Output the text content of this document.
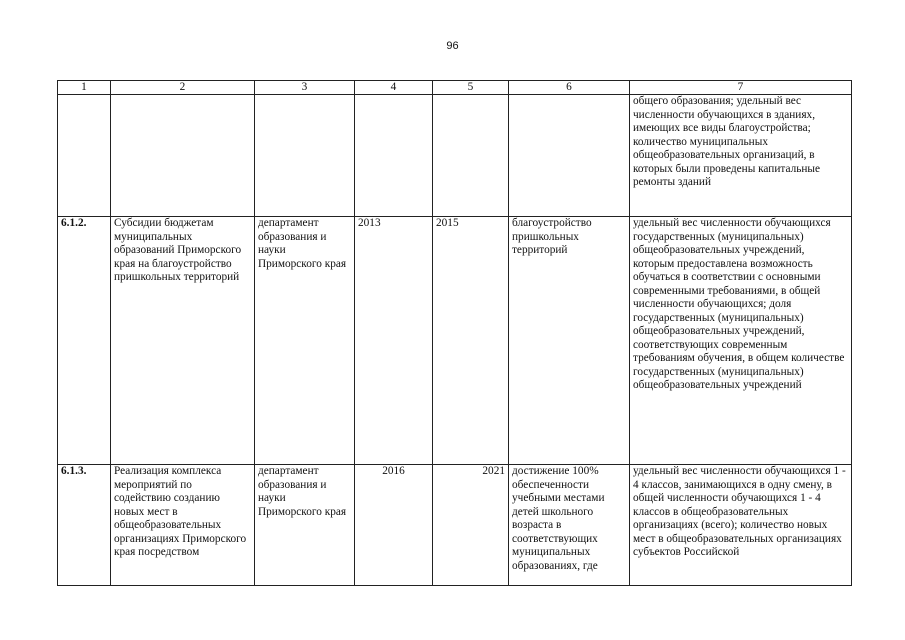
96
1	2	3	4	5	6	7
						общего образования; удельный вес численности обучающихся в зданиях, имеющих все виды благоустройства; количество муниципальных общеобразовательных организаций, в которых были проведены капитальные ремонты зданий
6.1.2.	Субсидии бюджетам муниципальных образований Приморского края на благоустройство пришкольных территорий	департамент образования и науки Приморского края	2013	2015	благоустройство пришкольных территорий	удельный вес численности обучающихся государственных (муниципальных) общеобразовательных учреждений, которым предоставлена возможность обучаться в соответствии с основными современными требованиями, в общей численности обучающихся; доля государственных (муниципальных) общеобразовательных учреждений, соответствующих современным требованиям обучения, в общем количестве государственных (муниципальных) общеобразовательных учреждений
6.1.3.	Реализация комплекса мероприятий по содействию созданию новых мест в общеобразовательных организациях Приморского края посредством	департамент образования и науки Приморского края	2016	2021	достижение 100% обеспеченности учебными местами детей школьного возраста в соответствующих муниципальных образованиях, где	удельный вес численности обучающихся 1 - 4 классов, занимающихся в одну смену, в общей численности обучающихся 1 - 4 классов в общеобразовательных организациях (всего); количество новых мест в общеобразовательных организациях субъектов Российской
